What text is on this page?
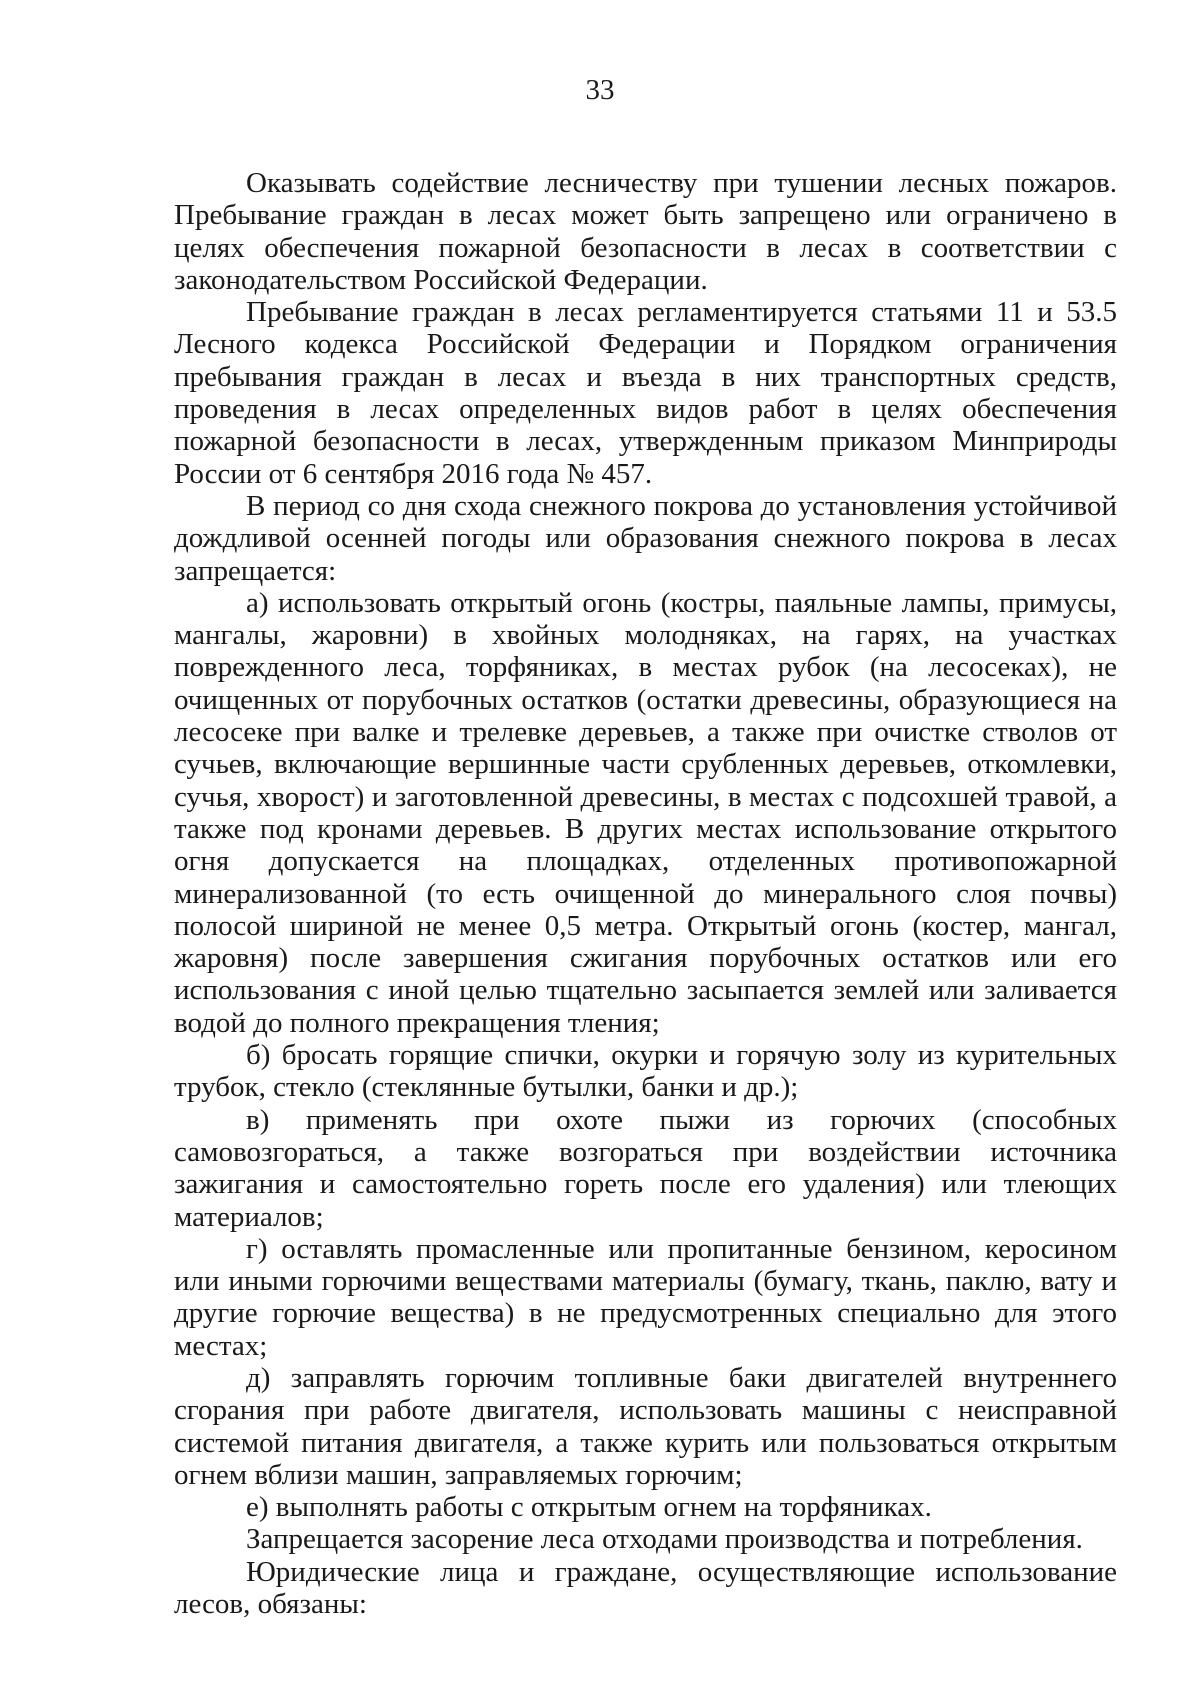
33

Оказывать содействие лесничеству при тушении лесных пожаров. Пребывание граждан в лесах может быть запрещено или ограничено в целях обеспечения пожарной безопасности в лесах в соответствии с законодательством Российской Федерации.

Пребывание граждан в лесах регламентируется статьями 11 и 53.5 Лесного кодекса Российской Федерации и Порядком ограничения пребывания граждан в лесах и въезда в них транспортных средств, проведения в лесах определенных видов работ в целях обеспечения пожарной безопасности в лесах, утвержденным приказом Минприроды России от 6 сентября 2016 года № 457.

В период со дня схода снежного покрова до установления устойчивой дождливой осенней погоды или образования снежного покрова в лесах запрещается:

а) использовать открытый огонь (костры, паяльные лампы, примусы, мангалы, жаровни) в хвойных молодняках, на гарях, на участках поврежденного леса, торфяниках, в местах рубок (на лесосеках), не очищенных от порубочных остатков (остатки древесины, образующиеся на лесосеке при валке и трелевке деревьев, а также при очистке стволов от сучьев, включающие вершинные части срубленных деревьев, откомлевки, сучья, хворост) и заготовленной древесины, в местах с подсохшей травой, а также под кронами деревьев. В других местах использование открытого огня допускается на площадках, отделенных противопожарной минерализованной (то есть очищенной до минерального слоя почвы) полосой шириной не менее 0,5 метра. Открытый огонь (костер, мангал, жаровня) после завершения сжигания порубочных остатков или его использования с иной целью тщательно засыпается землей или заливается водой до полного прекращения тления;

б) бросать горящие спички, окурки и горячую золу из курительных трубок, стекло (стеклянные бутылки, банки и др.);

в) применять при охоте пыжи из горючих (способных самовозгораться, а также возгораться при воздействии источника зажигания и самостоятельно гореть после его удаления) или тлеющих материалов;

г) оставлять промасленные или пропитанные бензином, керосином или иными горючими веществами материалы (бумагу, ткань, паклю, вату и другие горючие вещества) в не предусмотренных специально для этого местах;

д) заправлять горючим топливные баки двигателей внутреннего сгорания при работе двигателя, использовать машины с неисправной системой питания двигателя, а также курить или пользоваться открытым огнем вблизи машин, заправляемых горючим;

е) выполнять работы с открытым огнем на торфяниках.

Запрещается засорение леса отходами производства и потребления.

Юридические лица и граждане, осуществляющие использование лесов, обязаны:
